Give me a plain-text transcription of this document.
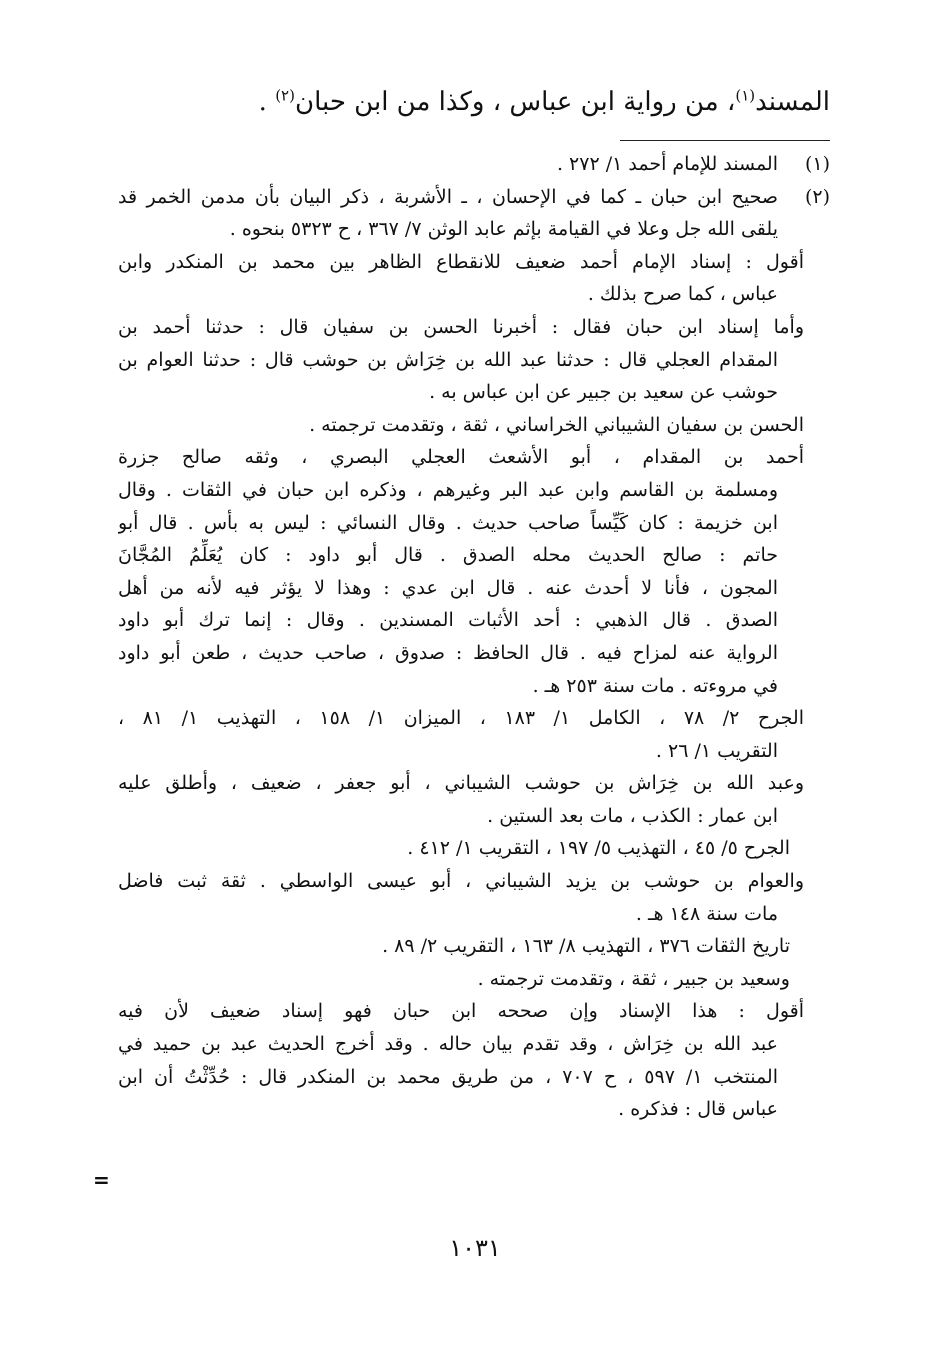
المسند$^{(١)}$، من رواية ابن عباس ، وكذا من ابن حبان$^{(٢)}$ .
(١)
المسند للإمام أحمد ١/ ٢٧٢ .
(٢)
صحيح ابن حبان ـ كما في الإحسان ، ـ الأشربة ، ذكر البيان بأن مدمن الخمر قد
يلقى الله جل وعلا في القيامة بإثم عابد الوثن ٧/ ٣٦٧ ، ح ٥٣٢٣ بنحوه .
أقول : إسناد الإمام أحمد ضعيف للانقطاع الظاهر بين محمد بن المنكدر وابن
عباس ، كما صرح بذلك .
وأما إسناد ابن حبان فقال : أخبرنا الحسن بن سفيان قال : حدثنا أحمد بن
المقدام العجلي قال : حدثنا عبد الله بن خِرَاش بن حوشب قال : حدثنا العوام بن
حوشب عن سعيد بن جبير عن ابن عباس به .
الحسن بن سفيان الشيباني الخراساني ، ثقة ، وتقدمت ترجمته .
أحمد بن المقدام ، أبو الأشعث العجلي البصري ، وثقه صالح جزرة
ومسلمة بن القاسم وابن عبد البر وغيرهم ، وذكره ابن حبان في الثقات . وقال
ابن خزيمة : كان كَيِّساً صاحب حديث . وقال النسائي : ليس به بأس . قال أبو
حاتم : صالح الحديث محله الصدق . قال أبو داود : كان يُعَلِّمُ المُجَّانَ
المجون ، فأنا لا أحدث عنه . قال ابن عدي : وهذا لا يؤثر فيه لأنه من أهل
الصدق . قال الذهبي : أحد الأثبات المسندين . وقال : إنما ترك أبو داود
الرواية عنه لمزاح فيه . قال الحافظ : صدوق ، صاحب حديث ، طعن أبو داود
في مروءته . مات سنة ٢٥٣ هـ .
الجرح ٢/ ٧٨ ، الكامل ١/ ١٨٣ ، الميزان ١/ ١٥٨ ، التهذيب ١/ ٨١ ،
التقريب ١/ ٢٦ .
وعبد الله بن خِرَاش بن حوشب الشيباني ، أبو جعفر ، ضعيف ، وأطلق عليه
ابن عمار : الكذب ، مات بعد الستين .
الجرح ٥/ ٤٥ ، التهذيب ٥/ ١٩٧ ، التقريب ١/ ٤١٢ .
والعوام بن حوشب بن يزيد الشيباني ، أبو عيسى الواسطي . ثقة ثبت فاضل
مات سنة ١٤٨ هـ .
تاريخ الثقات ٣٧٦ ، التهذيب ٨/ ١٦٣ ، التقريب ٢/ ٨٩ .
وسعيد بن جبير ، ثقة ، وتقدمت ترجمته .
أقول : هذا الإسناد وإن صححه ابن حبان فهو إسناد ضعيف لأن فيه
عبد الله بن خِرَاش ، وقد تقدم بيان حاله . وقد أخرج الحديث عبد بن حميد في
المنتخب ١/ ٥٩٧ ، ح ٧٠٧ ، من طريق محمد بن المنكدر قال : حُدِّثْتُ أن ابن
عباس قال : فذكره .
=
١٠٣١
